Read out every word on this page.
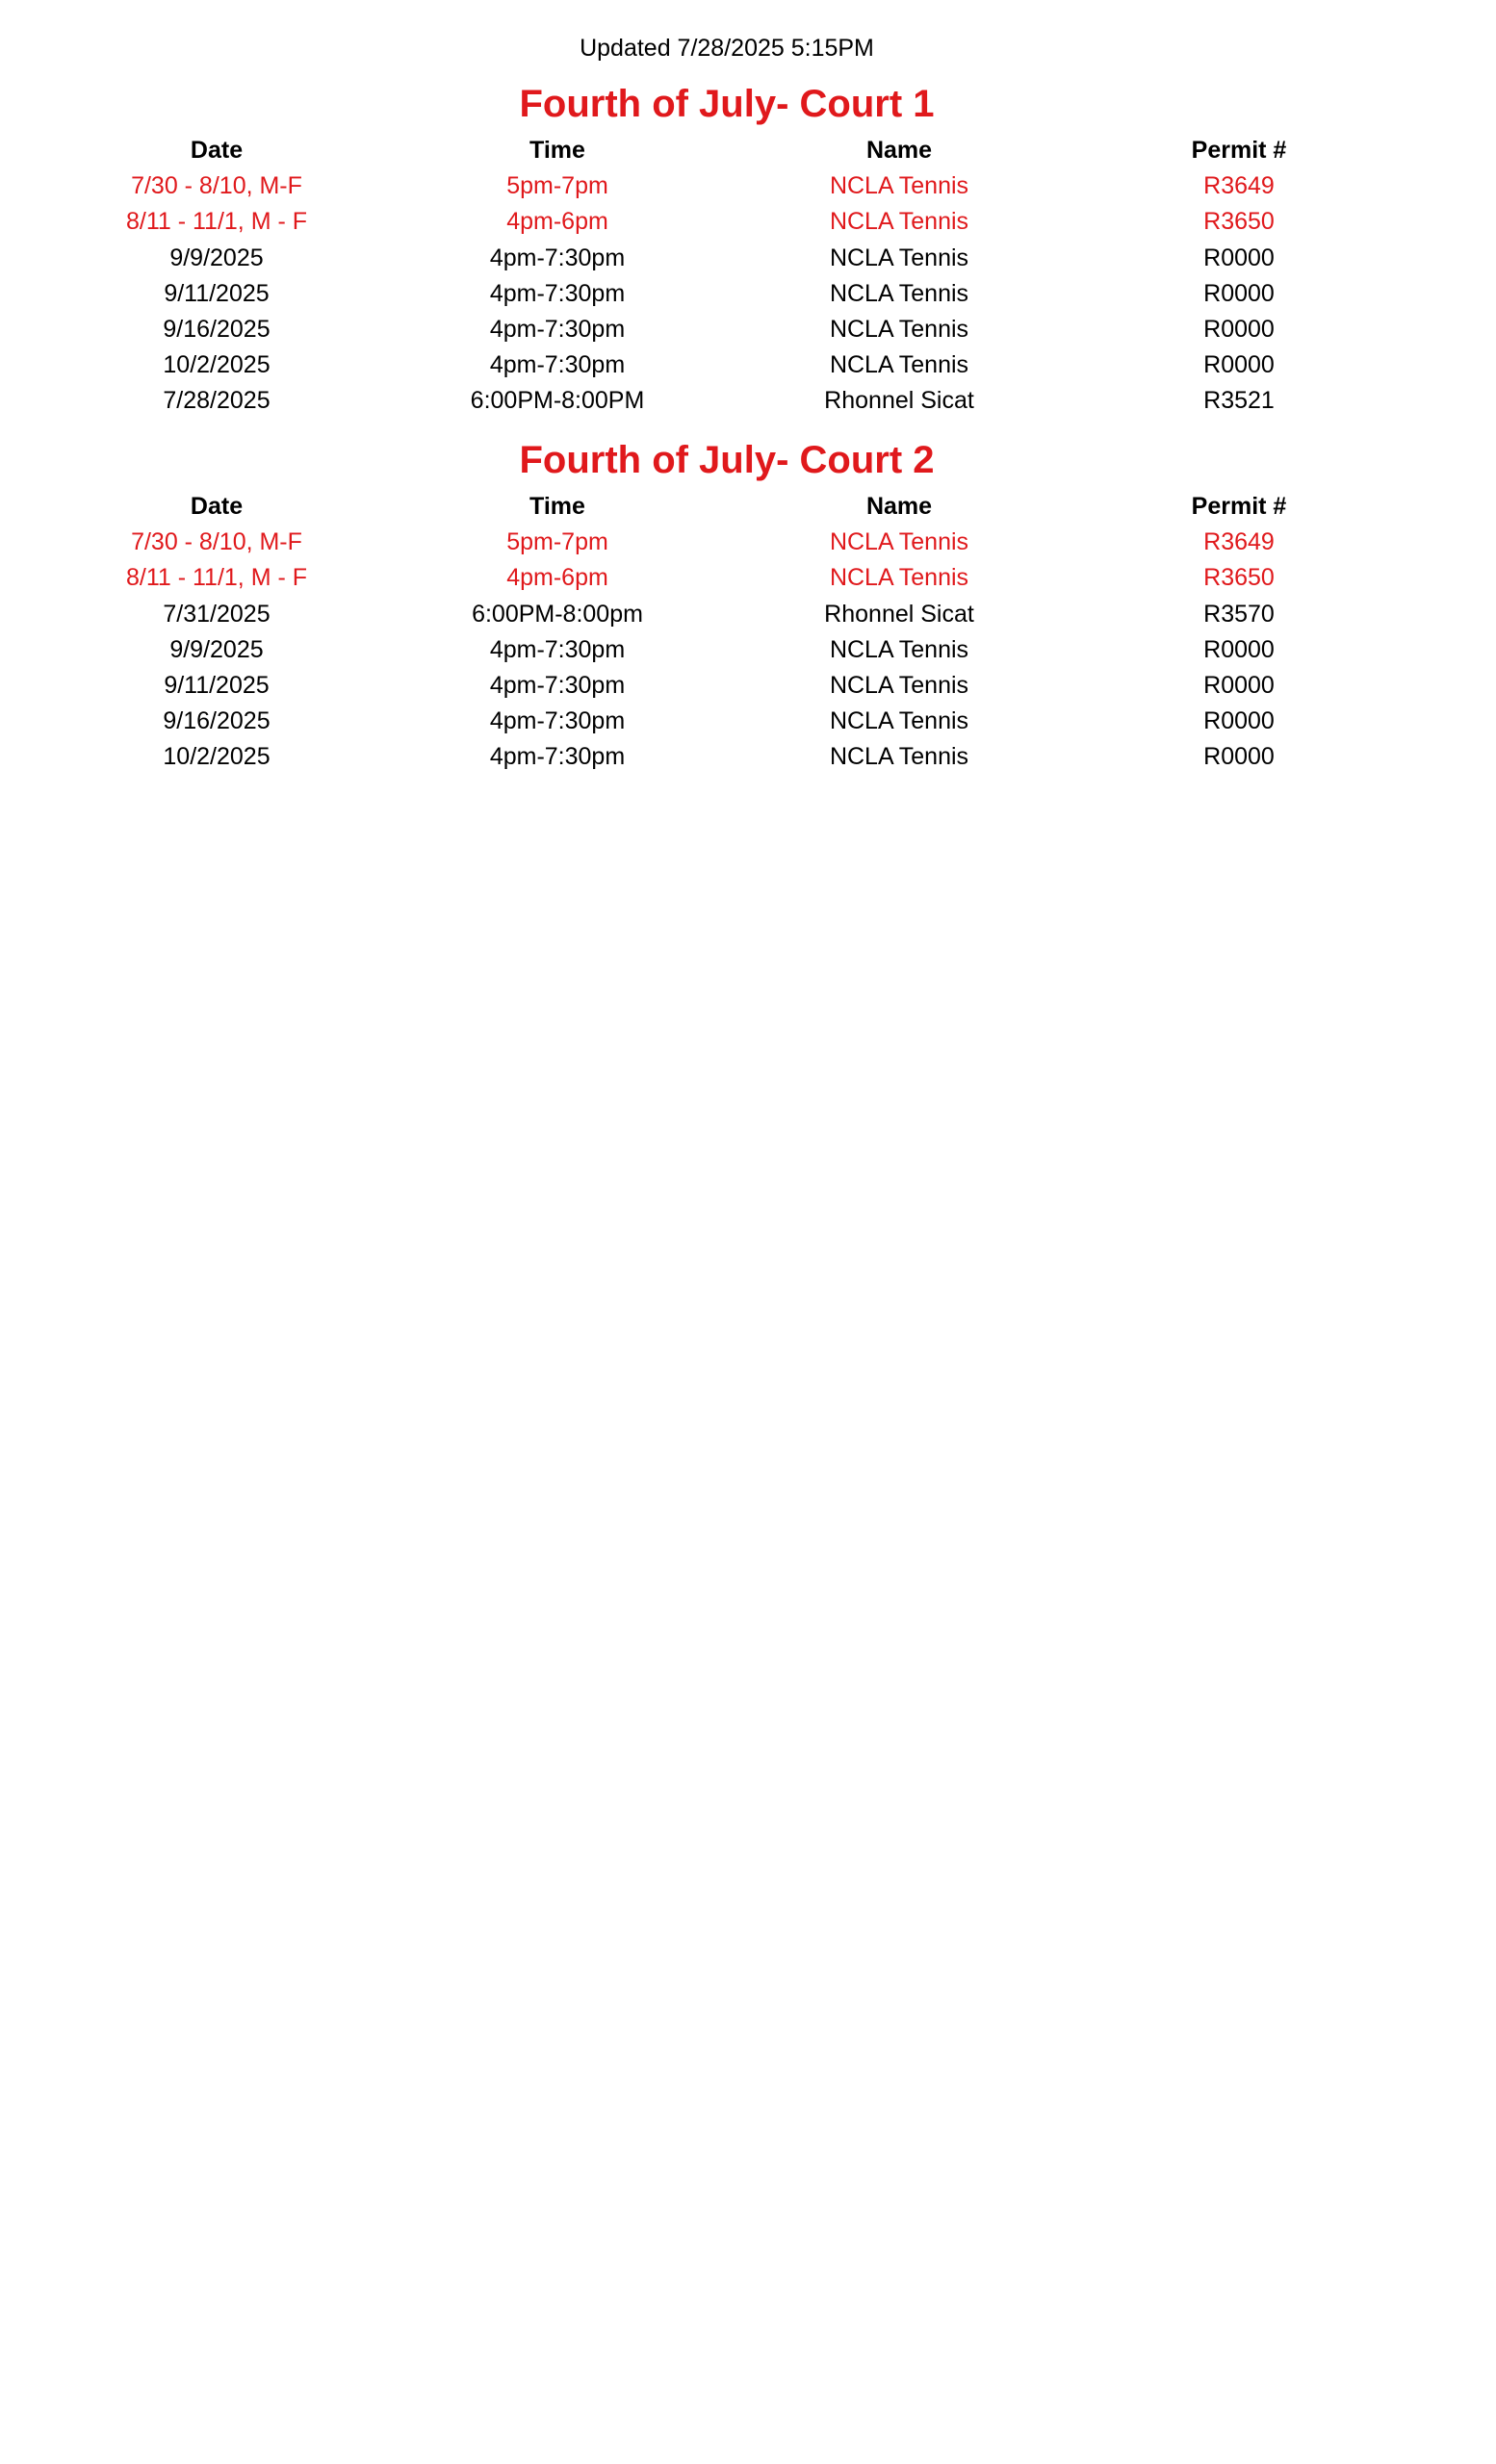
Updated 7/28/2025 5:15PM
Fourth of July- Court 1
Date	Time	Name	Permit #
7/30 - 8/10, M-F	5pm-7pm	NCLA Tennis	R3649
8/11 - 11/1, M - F	4pm-6pm	NCLA Tennis	R3650
9/9/2025	4pm-7:30pm	NCLA Tennis	R0000
9/11/2025	4pm-7:30pm	NCLA Tennis	R0000
9/16/2025	4pm-7:30pm	NCLA Tennis	R0000
10/2/2025	4pm-7:30pm	NCLA Tennis	R0000
7/28/2025	6:00PM-8:00PM	Rhonnel Sicat	R3521
Fourth of July- Court 2
Date	Time	Name	Permit #
7/30 - 8/10, M-F	5pm-7pm	NCLA Tennis	R3649
8/11 - 11/1, M - F	4pm-6pm	NCLA Tennis	R3650
7/31/2025	6:00PM-8:00pm	Rhonnel Sicat	R3570
9/9/2025	4pm-7:30pm	NCLA Tennis	R0000
9/11/2025	4pm-7:30pm	NCLA Tennis	R0000
9/16/2025	4pm-7:30pm	NCLA Tennis	R0000
10/2/2025	4pm-7:30pm	NCLA Tennis	R0000
